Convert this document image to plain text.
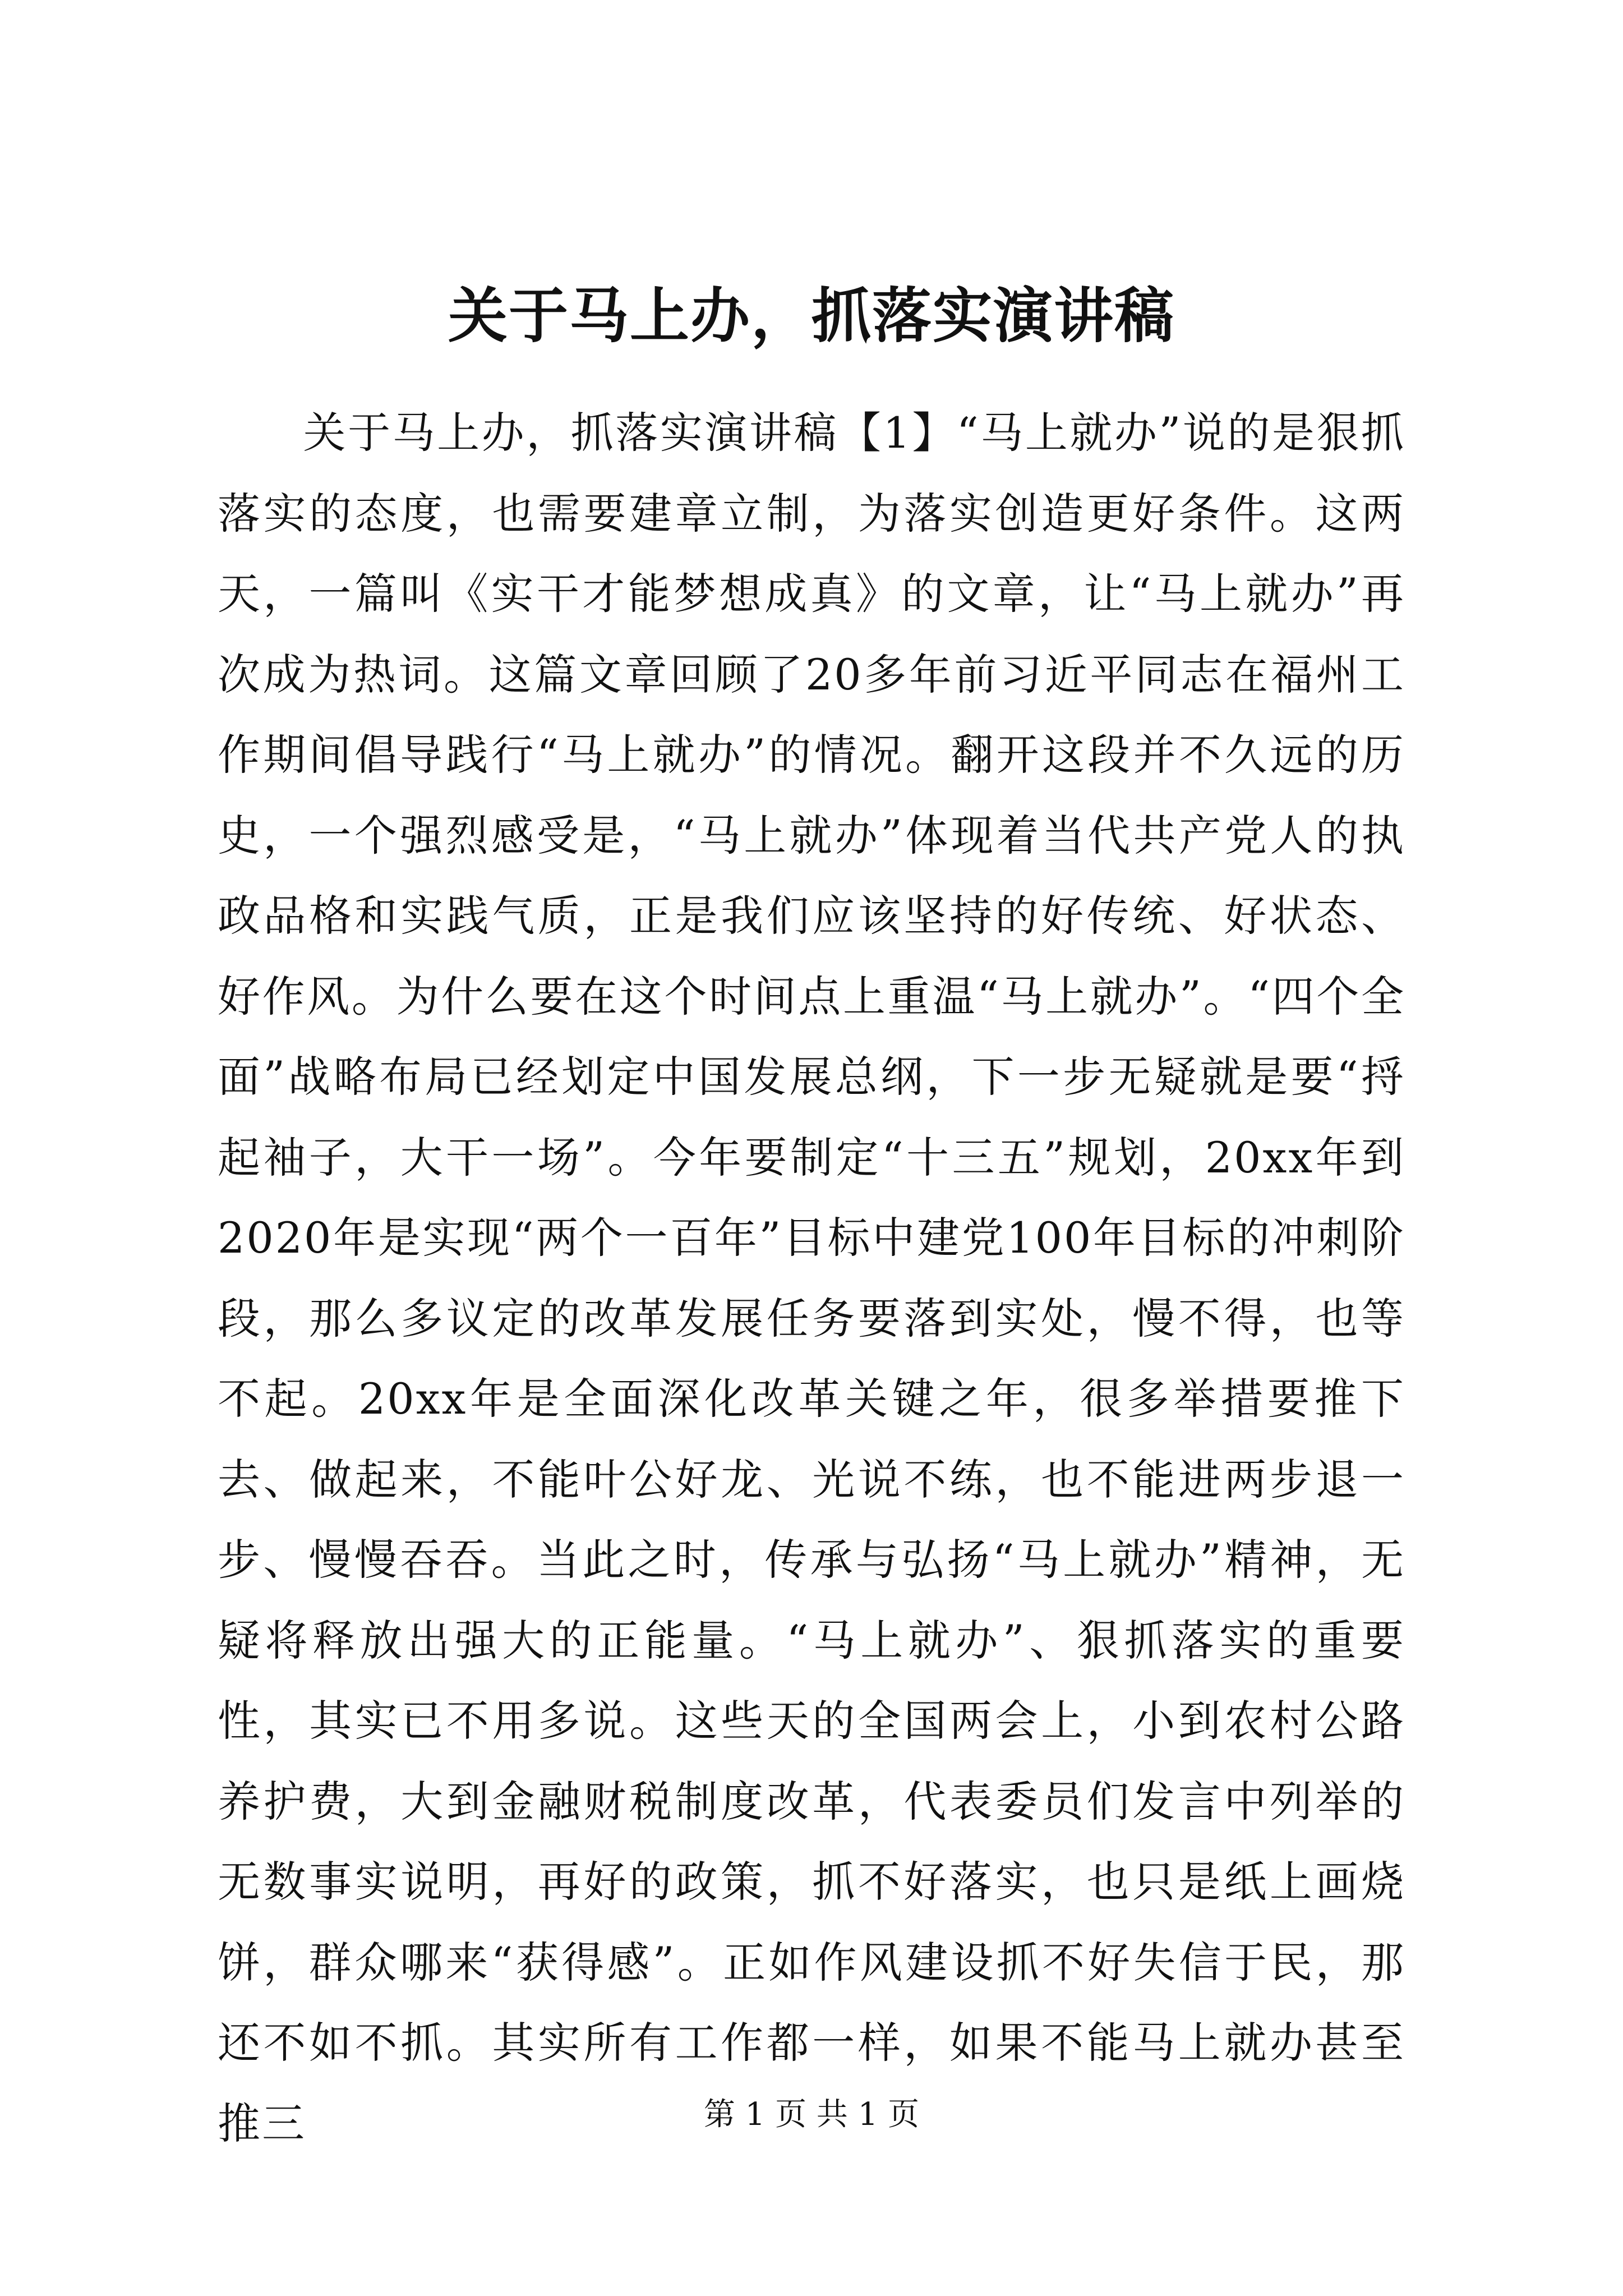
关于马上办，抓落实演讲稿

关于马上办，抓落实演讲稿【1】“马上就办”说的是狠抓落实的态度，也需要建章立制，为落实创造更好条件。这两天，一篇叫《实干才能梦想成真》的文章，让“马上就办”再次成为热词。这篇文章回顾了20多年前习近平同志在福州工作期间倡导践行“马上就办”的情况。翻开这段并不久远的历史，一个强烈感受是，“马上就办”体现着当代共产党人的执政品格和实践气质，正是我们应该坚持的好传统、好状态、好作风。为什么要在这个时间点上重温“马上就办”。“四个全面”战略布局已经划定中国发展总纲，下一步无疑就是要“捋起袖子，大干一场”。今年要制定“十三五”规划，20xx年到2020年是实现“两个一百年”目标中建党100年目标的冲刺阶段，那么多议定的改革发展任务要落到实处，慢不得，也等不起。20xx年是全面深化改革关键之年，很多举措要推下去、做起来，不能叶公好龙、光说不练，也不能进两步退一步、慢慢吞吞。当此之时，传承与弘扬“马上就办”精神，无疑将释放出强大的正能量。“马上就办”、狠抓落实的重要性，其实已不用多说。这些天的全国两会上，小到农村公路养护费，大到金融财税制度改革，代表委员们发言中列举的无数事实说明，再好的政策，抓不好落实，也只是纸上画烧饼，群众哪来“获得感”。正如作风建设抓不好失信于民，那还不如不抓。其实所有工作都一样，如果不能马上就办甚至推三	第 1 页 共 1 页
